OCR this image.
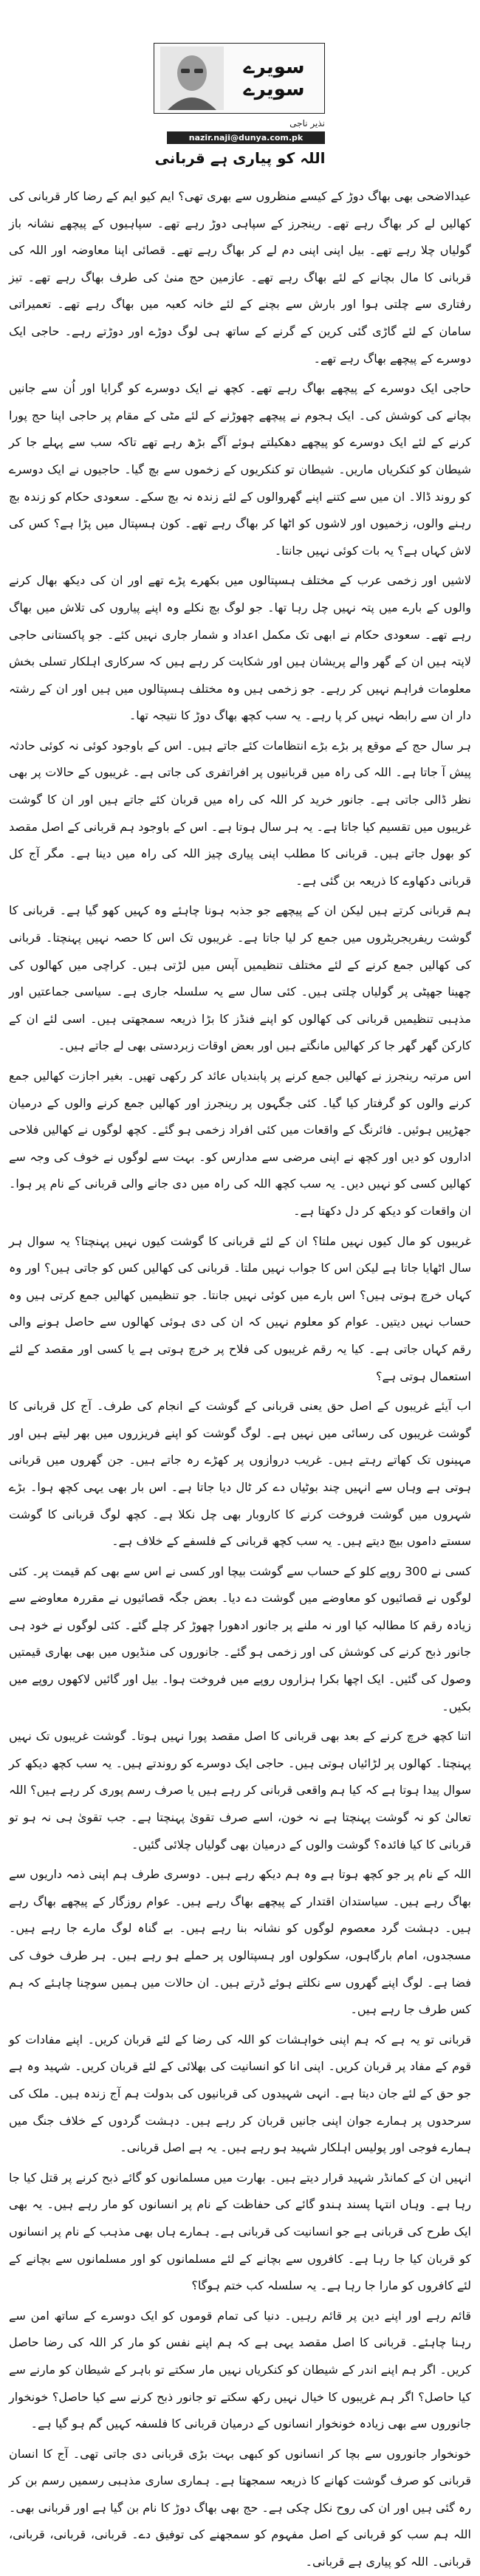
سویرے
سویرے
نذیر ناجی
nazir.naji@dunya.com.pk
اللہ کو پیاری ہے قربانی

عیدالاضحی بھی بھاگ دوڑ کے کیسے منظروں سے بھری تھی؟ ایم کیو ایم کے رضا کار قربانی کی کھالیں لے کر بھاگ رہے تھے۔ رینجرز کے سپاہی دوڑ رہے تھے۔ سپاہیوں کے پیچھے نشانہ باز گولیاں چلا رہے تھے۔ بیل اپنی اپنی دم لے کر بھاگ رہے تھے۔ قصائی اپنا معاوضہ اور اللہ کی قربانی کا مال بچانے کے لئے بھاگ رہے تھے۔ عازمین حج منیٰ کی طرف بھاگ رہے تھے۔ تیز رفتاری سے چلتی ہوا اور بارش سے بچنے کے لئے خانہ کعبہ میں بھاگ رہے تھے۔ تعمیراتی سامان کے لئے گاڑی گئی کرین کے گرنے کے ساتھ ہی لوگ دوڑے اور دوڑتے رہے۔ حاجی ایک دوسرے کے پیچھے بھاگ رہے تھے۔

حاجی ایک دوسرے کے پیچھے بھاگ رہے تھے۔ کچھ نے ایک دوسرے کو گرایا اور اُن سے جانیں بچانے کی کوشش کی۔ ایک ہجوم نے پیچھے چھوڑنے کے لئے مٹی کے مقام پر حاجی اپنا حج پورا کرنے کے لئے ایک دوسرے کو پیچھے دھکیلتے ہوئے آگے بڑھ رہے تھے تاکہ سب سے پہلے جا کر شیطان کو کنکریاں ماریں۔ شیطان تو کنکریوں کے زخموں سے بچ گیا۔ حاجیوں نے ایک دوسرے کو روند ڈالا۔ ان میں سے کتنے اپنے گھروالوں کے لئے زندہ نہ بچ سکے۔ سعودی حکام کو زندہ بچ رہنے والوں، زخمیوں اور لاشوں کو اٹھا کر بھاگ رہے تھے۔ کون ہسپتال میں پڑا ہے؟ کس کی لاش کہاں ہے؟ یہ بات کوئی نہیں جانتا۔

لاشیں اور زخمی عرب کے مختلف ہسپتالوں میں بکھرے پڑے تھے اور ان کی دیکھ بھال کرنے والوں کے بارے میں پتہ نہیں چل رہا تھا۔ جو لوگ بچ نکلے وہ اپنے پیاروں کی تلاش میں بھاگ رہے تھے۔ سعودی حکام نے ابھی تک مکمل اعداد و شمار جاری نہیں کئے۔ جو پاکستانی حاجی لاپتہ ہیں ان کے گھر والے پریشان ہیں اور شکایت کر رہے ہیں کہ سرکاری اہلکار تسلی بخش معلومات فراہم نہیں کر رہے۔ جو زخمی ہیں وہ مختلف ہسپتالوں میں ہیں اور ان کے رشتہ دار ان سے رابطہ نہیں کر پا رہے۔ یہ سب کچھ بھاگ دوڑ کا نتیجہ تھا۔

ہر سال حج کے موقع پر بڑے بڑے انتظامات کئے جاتے ہیں۔ اس کے باوجود کوئی نہ کوئی حادثہ پیش آ جاتا ہے۔ اللہ کی راہ میں قربانیوں پر افراتفری کی جاتی ہے۔ غریبوں کے حالات پر بھی نظر ڈالی جاتی ہے۔ جانور خرید کر اللہ کی راہ میں قربان کئے جاتے ہیں اور ان کا گوشت غریبوں میں تقسیم کیا جاتا ہے۔ یہ ہر سال ہوتا ہے۔ اس کے باوجود ہم قربانی کے اصل مقصد کو بھول جاتے ہیں۔ قربانی کا مطلب اپنی پیاری چیز اللہ کی راہ میں دینا ہے۔ مگر آج کل قربانی دکھاوے کا ذریعہ بن گئی ہے۔

ہم قربانی کرتے ہیں لیکن ان کے پیچھے جو جذبہ ہونا چاہئے وہ کہیں کھو گیا ہے۔ قربانی کا گوشت ریفریجریٹروں میں جمع کر لیا جاتا ہے۔ غریبوں تک اس کا حصہ نہیں پہنچتا۔ قربانی کی کھالیں جمع کرنے کے لئے مختلف تنظیمیں آپس میں لڑتی ہیں۔ کراچی میں کھالوں کی چھینا جھپٹی پر گولیاں چلتی ہیں۔ کئی سال سے یہ سلسلہ جاری ہے۔ سیاسی جماعتیں اور مذہبی تنظیمیں قربانی کی کھالوں کو اپنے فنڈز کا بڑا ذریعہ سمجھتی ہیں۔ اسی لئے ان کے کارکن گھر گھر جا کر کھالیں مانگتے ہیں اور بعض اوقات زبردستی بھی لے جاتے ہیں۔

اس مرتبہ رینجرز نے کھالیں جمع کرنے پر پابندیاں عائد کر رکھی تھیں۔ بغیر اجازت کھالیں جمع کرنے والوں کو گرفتار کیا گیا۔ کئی جگہوں پر رینجرز اور کھالیں جمع کرنے والوں کے درمیان جھڑپیں ہوئیں۔ فائرنگ کے واقعات میں کئی افراد زخمی ہو گئے۔ کچھ لوگوں نے کھالیں فلاحی اداروں کو دیں اور کچھ نے اپنی مرضی سے مدارس کو۔ بہت سے لوگوں نے خوف کی وجہ سے کھالیں کسی کو نہیں دیں۔ یہ سب کچھ اللہ کی راہ میں دی جانے والی قربانی کے نام پر ہوا۔ ان واقعات کو دیکھ کر دل دکھتا ہے۔

غریبوں کو مال کیوں نہیں ملتا؟ ان کے لئے قربانی کا گوشت کیوں نہیں پہنچتا؟ یہ سوال ہر سال اٹھایا جاتا ہے لیکن اس کا جواب نہیں ملتا۔ قربانی کی کھالیں کس کو جاتی ہیں؟ اور وہ کہاں خرچ ہوتی ہیں؟ اس بارے میں کوئی نہیں جانتا۔ جو تنظیمیں کھالیں جمع کرتی ہیں وہ حساب نہیں دیتیں۔ عوام کو معلوم نہیں کہ ان کی دی ہوئی کھالوں سے حاصل ہونے والی رقم کہاں جاتی ہے۔ کیا یہ رقم غریبوں کی فلاح پر خرچ ہوتی ہے یا کسی اور مقصد کے لئے استعمال ہوتی ہے؟

اب آیئے غریبوں کے اصل حق یعنی قربانی کے گوشت کے انجام کی طرف۔ آج کل قربانی کا گوشت غریبوں کی رسائی میں نہیں ہے۔ لوگ گوشت کو اپنے فریزروں میں بھر لیتے ہیں اور مہینوں تک کھاتے رہتے ہیں۔ غریب دروازوں پر کھڑے رہ جاتے ہیں۔ جن گھروں میں قربانی ہوتی ہے وہاں سے انہیں چند بوٹیاں دے کر ٹال دیا جاتا ہے۔ اس بار بھی یہی کچھ ہوا۔ بڑے شہروں میں گوشت فروخت کرنے کا کاروبار بھی چل نکلا ہے۔ کچھ لوگ قربانی کا گوشت سستے داموں بیچ دیتے ہیں۔ یہ سب کچھ قربانی کے فلسفے کے خلاف ہے۔

کسی نے 300 روپے کلو کے حساب سے گوشت بیچا اور کسی نے اس سے بھی کم قیمت پر۔ کئی لوگوں نے قصائیوں کو معاوضے میں گوشت دے دیا۔ بعض جگہ قصائیوں نے مقررہ معاوضے سے زیادہ رقم کا مطالبہ کیا اور نہ ملنے پر جانور ادھورا چھوڑ کر چلے گئے۔ کئی لوگوں نے خود ہی جانور ذبح کرنے کی کوشش کی اور زخمی ہو گئے۔ جانوروں کی منڈیوں میں بھی بھاری قیمتیں وصول کی گئیں۔ ایک اچھا بکرا ہزاروں روپے میں فروخت ہوا۔ بیل اور گائیں لاکھوں روپے میں بکیں۔

اتنا کچھ خرچ کرنے کے بعد بھی قربانی کا اصل مقصد پورا نہیں ہوتا۔ گوشت غریبوں تک نہیں پہنچتا۔ کھالوں پر لڑائیاں ہوتی ہیں۔ حاجی ایک دوسرے کو روندتے ہیں۔ یہ سب کچھ دیکھ کر سوال پیدا ہوتا ہے کہ کیا ہم واقعی قربانی کر رہے ہیں یا صرف رسم پوری کر رہے ہیں؟ اللہ تعالیٰ کو نہ گوشت پہنچتا ہے نہ خون، اسے صرف تقویٰ پہنچتا ہے۔ جب تقویٰ ہی نہ ہو تو قربانی کا کیا فائدہ؟ گوشت والوں کے درمیان بھی گولیاں چلائی گئیں۔

اللہ کے نام پر جو کچھ ہوتا ہے وہ ہم دیکھ رہے ہیں۔ دوسری طرف ہم اپنی ذمہ داریوں سے بھاگ رہے ہیں۔ سیاستدان اقتدار کے پیچھے بھاگ رہے ہیں۔ عوام روزگار کے پیچھے بھاگ رہے ہیں۔ دہشت گرد معصوم لوگوں کو نشانہ بنا رہے ہیں۔ بے گناہ لوگ مارے جا رہے ہیں۔ مسجدوں، امام بارگاہوں، سکولوں اور ہسپتالوں پر حملے ہو رہے ہیں۔ ہر طرف خوف کی فضا ہے۔ لوگ اپنے گھروں سے نکلتے ہوئے ڈرتے ہیں۔ ان حالات میں ہمیں سوچنا چاہئے کہ ہم کس طرف جا رہے ہیں۔

قربانی تو یہ ہے کہ ہم اپنی خواہشات کو اللہ کی رضا کے لئے قربان کریں۔ اپنے مفادات کو قوم کے مفاد پر قربان کریں۔ اپنی انا کو انسانیت کی بھلائی کے لئے قربان کریں۔ شہید وہ ہے جو حق کے لئے جان دیتا ہے۔ انہی شہیدوں کی قربانیوں کی بدولت ہم آج زندہ ہیں۔ ملک کی سرحدوں پر ہمارے جوان اپنی جانیں قربان کر رہے ہیں۔ دہشت گردوں کے خلاف جنگ میں ہمارے فوجی اور پولیس اہلکار شہید ہو رہے ہیں۔ یہ ہے اصل قربانی۔

انہیں ان کے کمانڈر شہید قرار دیتے ہیں۔ بھارت میں مسلمانوں کو گائے ذبح کرنے پر قتل کیا جا رہا ہے۔ وہاں انتہا پسند ہندو گائے کی حفاظت کے نام پر انسانوں کو مار رہے ہیں۔ یہ بھی ایک طرح کی قربانی ہے جو انسانیت کی قربانی ہے۔ ہمارے ہاں بھی مذہب کے نام پر انسانوں کو قربان کیا جا رہا ہے۔ کافروں سے بچانے کے لئے مسلمانوں کو اور مسلمانوں سے بچانے کے لئے کافروں کو مارا جا رہا ہے۔ یہ سلسلہ کب ختم ہوگا؟

قائم رہے اور اپنے دین پر قائم رہیں۔ دنیا کی تمام قوموں کو ایک دوسرے کے ساتھ امن سے رہنا چاہئے۔ قربانی کا اصل مقصد یہی ہے کہ ہم اپنے نفس کو مار کر اللہ کی رضا حاصل کریں۔ اگر ہم اپنے اندر کے شیطان کو کنکریاں نہیں مار سکتے تو باہر کے شیطان کو مارنے سے کیا حاصل؟ اگر ہم غریبوں کا خیال نہیں رکھ سکتے تو جانور ذبح کرنے سے کیا حاصل؟ خونخوار جانوروں سے بھی زیادہ خونخوار انسانوں کے درمیان قربانی کا فلسفہ کہیں گم ہو گیا ہے۔

خونخوار جانوروں سے بچا کر انسانوں کو کبھی بہت بڑی قربانی دی جاتی تھی۔ آج کا انسان قربانی کو صرف گوشت کھانے کا ذریعہ سمجھتا ہے۔ ہماری ساری مذہبی رسمیں رسم بن کر رہ گئی ہیں اور ان کی روح نکل چکی ہے۔ حج بھی بھاگ دوڑ کا نام بن گیا ہے اور قربانی بھی۔ اللہ ہم سب کو قربانی کے اصل مفہوم کو سمجھنے کی توفیق دے۔ قربانی، قربانی، قربانی، قربانی۔ اللہ کو پیاری ہے قربانی۔
